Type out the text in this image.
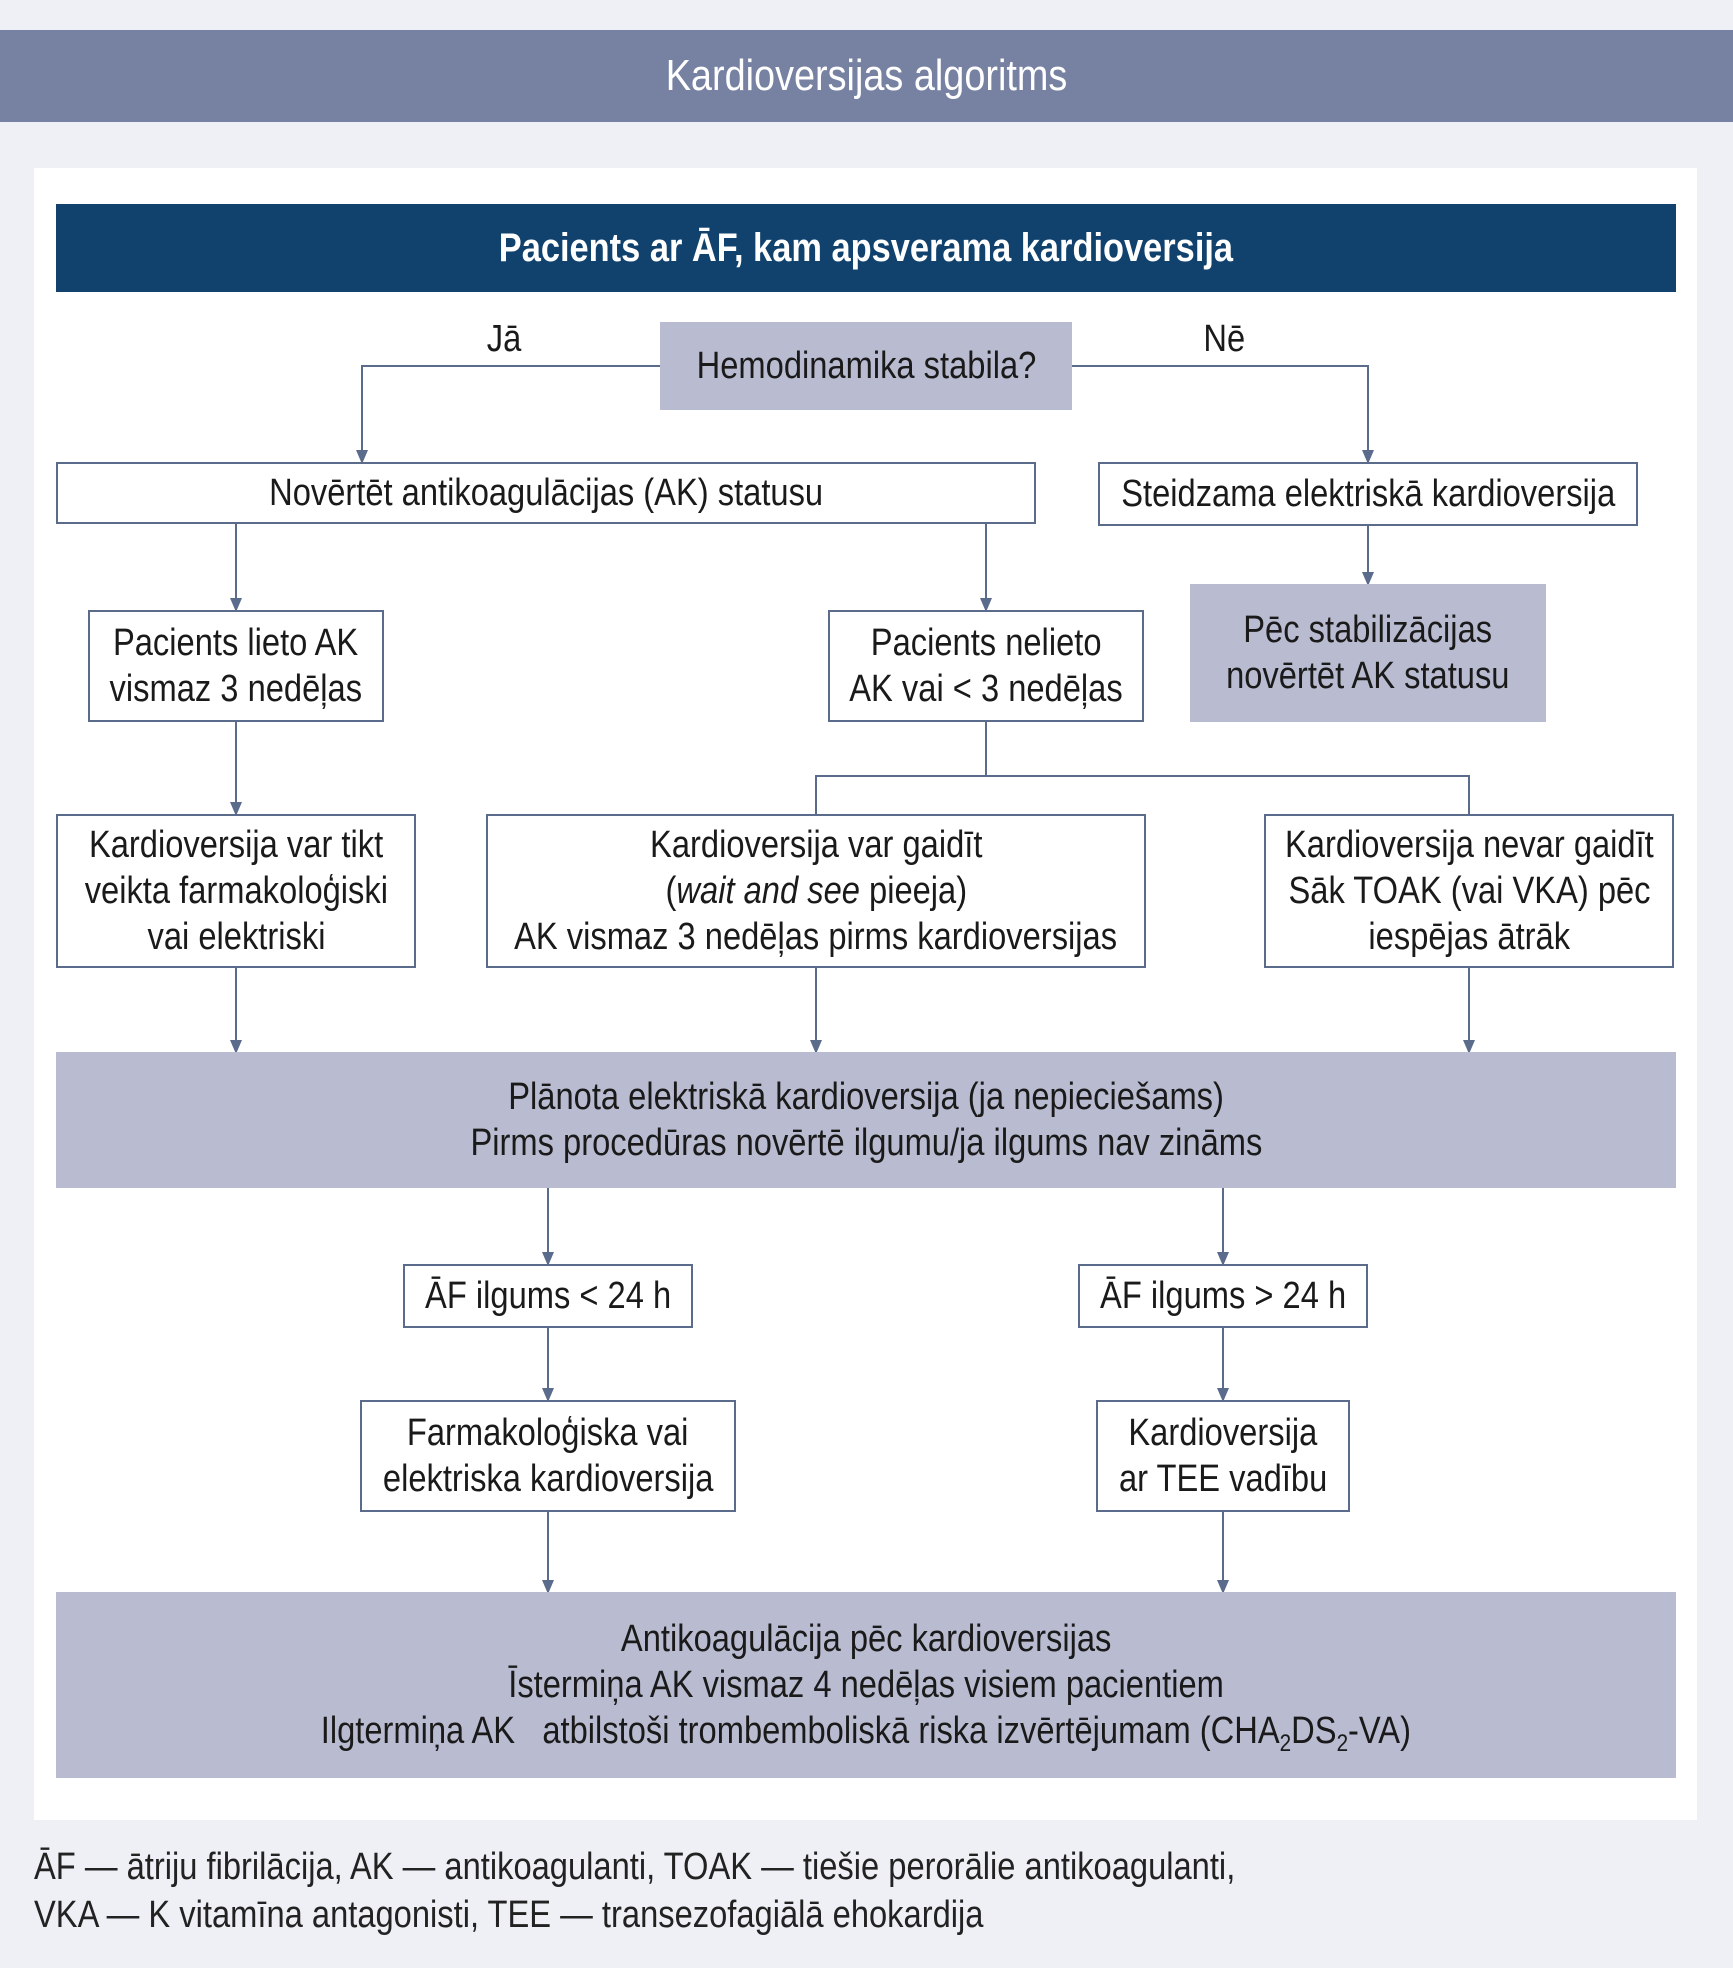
Kardioversijas algoritms
Pacients ar ĀF, kam apsverama kardioversija
Jā	Nē
Hemodinamika stabila?
Novērtēt antikoagulācijas (AK) statusu	Steidzama elektriskā kardioversija
Pacients lieto AK
vismaz 3 nedēļas
Pacients nelieto
AK vai < 3 nedēļas
Pēc stabilizācijas
novērtēt AK statusu
Kardioversija var tikt
veikta farmakoloģiski
vai elektriski
Kardioversija var gaidīt
(wait and see pieeja)
AK vismaz 3 nedēļas pirms kardioversijas
Kardioversija nevar gaidīt
Sāk TOAK (vai VKA) pēc
iespējas ātrāk
Plānota elektriskā kardioversija (ja nepieciešams)
Pirms procedūras novērtē ilgumu/ja ilgums nav zināms
ĀF ilgums < 24 h	ĀF ilgums > 24 h
Farmakoloģiska vai
elektriska kardioversija
Kardioversija
ar TEE vadību
Antikoagulācija pēc kardioversijas
Īstermiņa AK vismaz 4 nedēļas visiem pacientiem
Ilgtermiņa AK atbilstoši trombemboliskā riska izvērtējumam $(CHA_2DS_2-VA)$
ĀF — ātriju fibrilācija, AK — antikoagulanti, TOAK — tiešie perorālie antikoagulanti,
VKA — K vitamīna antagonisti, TEE — transezofagiālā ehokardija
